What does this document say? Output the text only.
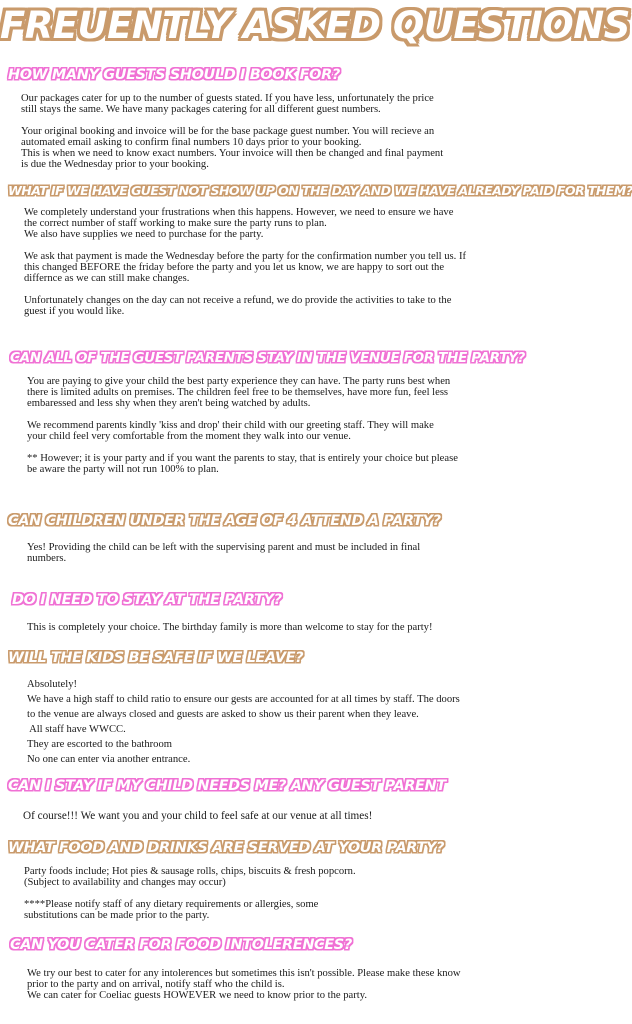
FREUENTLY ASKED QUESTIONS
HOW MANY GUESTS SHOULD I BOOK FOR?

Our packages cater for up to the number of guests stated. If you have less, unfortunately the price

still stays the same. We have many packages catering for all different guest numbers.

Your original booking and invoice will be for the base package guest number. You will recieve an

automated email asking to confirm final numbers 10 days prior to your booking.

This is when we need to know exact numbers. Your invoice will then be changed and final payment

is due the Wednesday prior to your booking.

WHAT IF WE HAVE GUEST NOT SHOW UP ON THE DAY AND WE HAVE ALREADY PAID FOR THEM?

We completely understand your frustrations when this happens. However, we need to ensure we have

the correct number of staff working to make sure the party runs to plan.

We also have supplies we need to purchase for the party.

We ask that payment is made the Wednesday before the party for the confirmation number you tell us. If

this changed BEFORE the friday before the party and you let us know, we are happy to sort out the

differnce as we can still make changes.

Unfortunately changes on the day can not receive a refund, we do provide the activities to take to the

guest if you would like.

CAN ALL OF THE GUEST PARENTS STAY IN THE VENUE FOR THE PARTY?

You are paying to give your child the best party experience they can have. The party runs best when

there is limited adults on premises. The children feel free to be themselves, have more fun, feel less

embaressed and less shy when they aren't being watched by adults.

We recommend parents kindly 'kiss and drop' their child with our greeting staff. They will make

your child feel very comfortable from the moment they walk into our venue.

** However; it is your party and if you want the parents to stay, that is entirely your choice but please

be aware the party will not run 100% to plan.

CAN CHILDREN UNDER THE AGE OF 4 ATTEND A PARTY?

Yes! Providing the child can be left with the supervising parent and must be included in final

numbers.

DO I NEED TO STAY AT THE PARTY?

This is completely your choice. The birthday family is more than welcome to stay for the party!

WILL THE KIDS BE SAFE IF WE LEAVE?

Absolutely!

We have a high staff to child ratio to ensure our gests are accounted for at all times by staff. The doors

to the venue are always closed and guests are asked to show us their parent when they leave.

All staff have WWCC.

They are escorted to the bathroom

No one can enter via another entrance.

CAN I STAY IF MY CHILD NEEDS ME? ANY GUEST PARENT

Of course!!! We want you and your child to feel safe at our venue at all times!

WHAT FOOD AND DRINKS ARE SERVED AT YOUR PARTY?

Party foods include; Hot pies & sausage rolls, chips, biscuits & fresh popcorn.

(Subject to availability and changes may occur)

****Please notify staff of any dietary requirements or allergies, some

substitutions can be made prior to the party.

CAN YOU CATER FOR FOOD INTOLERENCES?

We try our best to cater for any intolerences but sometimes this isn't possible. Please make these know

prior to the party and on arrival, notify staff who the child is.

We can cater for Coeliac guests HOWEVER we need to know prior to the party.
